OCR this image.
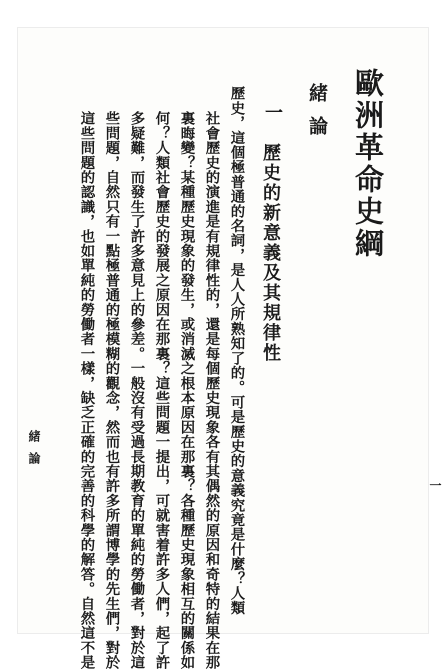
歐洲革命史綱
緒論
一
歷史的新意義及其規律性
歷史，這個極普通的名詞，是人人所熟知了的。可是歷史的意義究竟是什麼？人類
社會歷史的演進是有規律性的，還是每個歷史現象各有其偶然的原因和奇特的結果在那
裏晦變？某種歷史現象的發生，或消滅之根本原因在那裏？各種歷史現象相互的關係如
何？人類社會歷史的發展之原因在那裏？這些問題一提出，可就害着許多人們，起了許
多疑難，而發生了許多意見上的參差。一般沒有受過長期教育的單純的勞働者，對於這
些問題，自然只有一點極普通的極模糊的觀念，然而也有許多所謂博學的先生們，對於
這些問題的認識，也如單純的勞働者一樣，缺乏正確的完善的科學的解答。自然這不是
緒論
一
